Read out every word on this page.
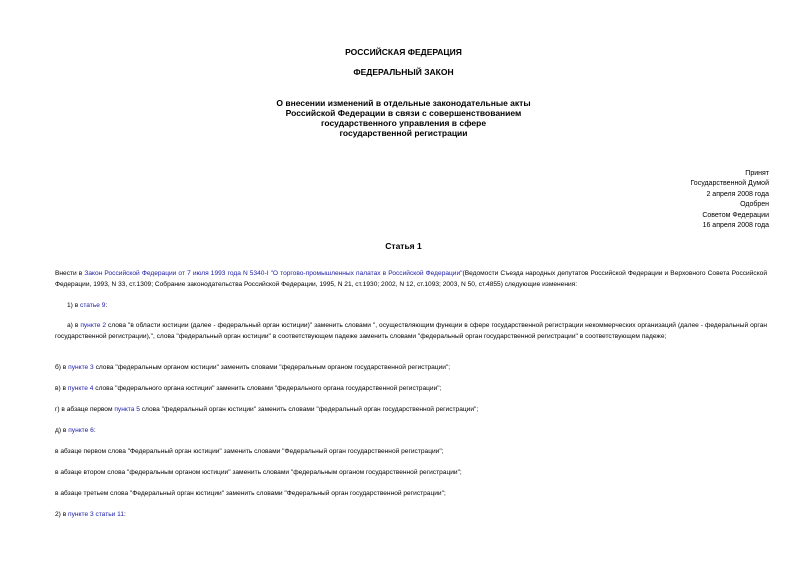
РОССИЙСКАЯ ФЕДЕРАЦИЯ
ФЕДЕРАЛЬНЫЙ ЗАКОН
О внесении изменений в отдельные законодательные акты
Российской Федерации в связи с совершенствованием
государственного управления в сфере
государственной регистрации
Принят
Государственной Думой
2 апреля 2008 года
Одобрен
Советом Федерации
16 апреля 2008 года
Статья 1
Внести в Закон Российской Федерации от 7 июля 1993 года N 5340-I "О торгово-промышленных палатах в Российской Федерации"(Ведомости Съезда народных депутатов Российской Федерации и Верховного Совета Российской Федерации, 1993, N 33, ст.1309; Собрание законодательства Российской Федерации, 1995, N 21, ст.1930; 2002, N 12, ст.1093; 2003, N 50, ст.4855) следующие изменения:
1) в статье 9:
а) в пункте 2 слова "в области юстиции (далее - федеральный орган юстиции)" заменить словами ", осуществляющим функции в сфере государственной регистрации некоммерческих организаций (далее - федеральный орган государственной регистрации),", слова "федеральный орган юстиции" в соответствующем падеже заменить словами "федеральный орган государственной регистрации" в соответствующем падеже;
б) в пункте 3 слова "федеральным органом юстиции" заменить словами "федеральным органом государственной регистрации";
в) в пункте 4 слова "федерального органа юстиции" заменить словами "федерального органа государственной регистрации";
г) в абзаце первом пункта 5 слова "федеральный орган юстиции" заменить словами "федеральный орган государственной регистрации";
д) в пункте 6:
в абзаце первом слова "Федеральный орган юстиции" заменить словами "Федеральный орган государственной регистрации";
в абзаце втором слова "федеральным органом юстиции" заменить словами "федеральным органом государственной регистрации";
в абзаце третьем слова "Федеральный орган юстиции" заменить словами "Федеральный орган государственной регистрации";
2) в пункте 3 статьи 11:
